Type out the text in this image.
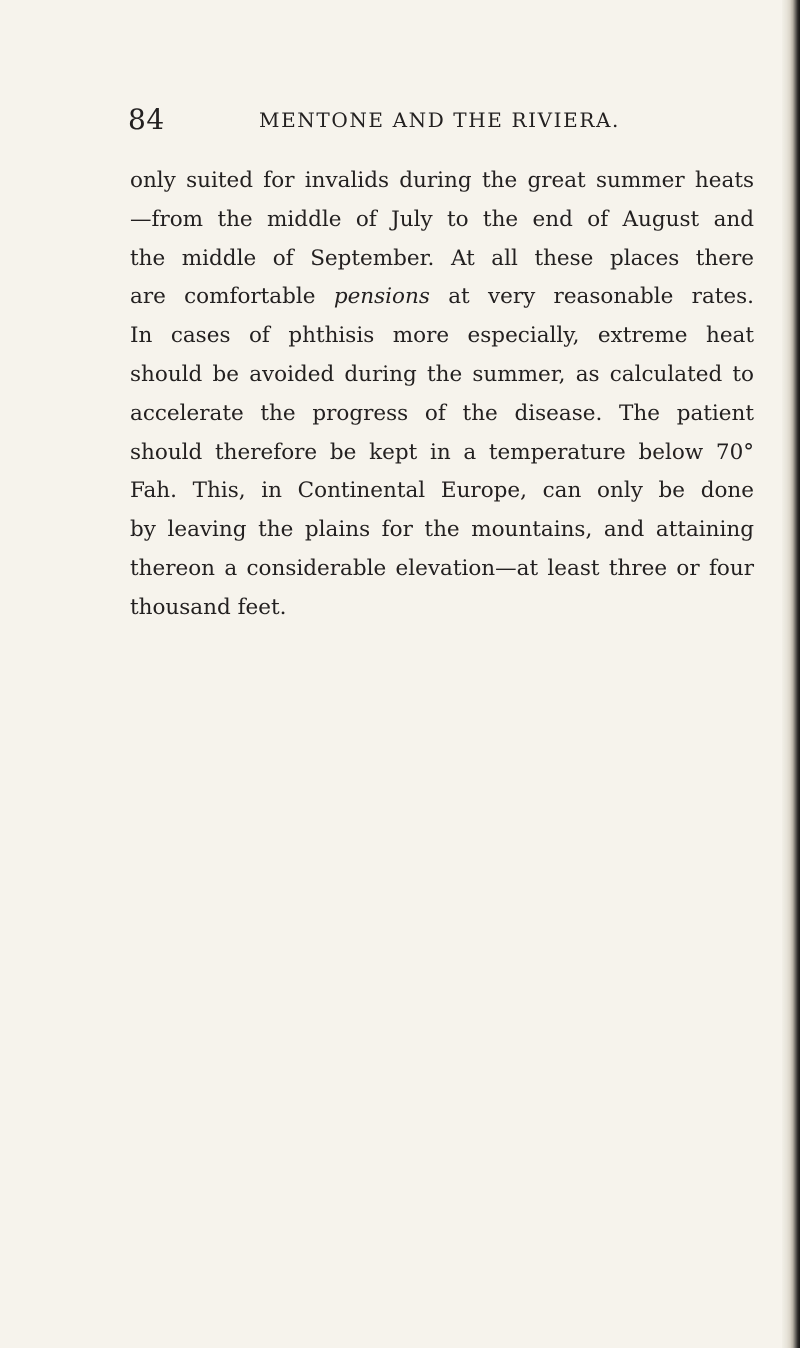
84	MENTONE AND THE RIVIERA.
only suited for invalids during the great summer heats
—from the middle of July to the end of August and
the middle of September. At all these places there
are comfortable pensions at very reasonable rates.
In cases of phthisis more especially, extreme heat
should be avoided during the summer, as calculated to
accelerate the progress of the disease. The patient
should therefore be kept in a temperature below 70°
Fah. This, in Continental Europe, can only be done
by leaving the plains for the mountains, and attaining
thereon a considerable elevation—at least three or four
thousand feet.
